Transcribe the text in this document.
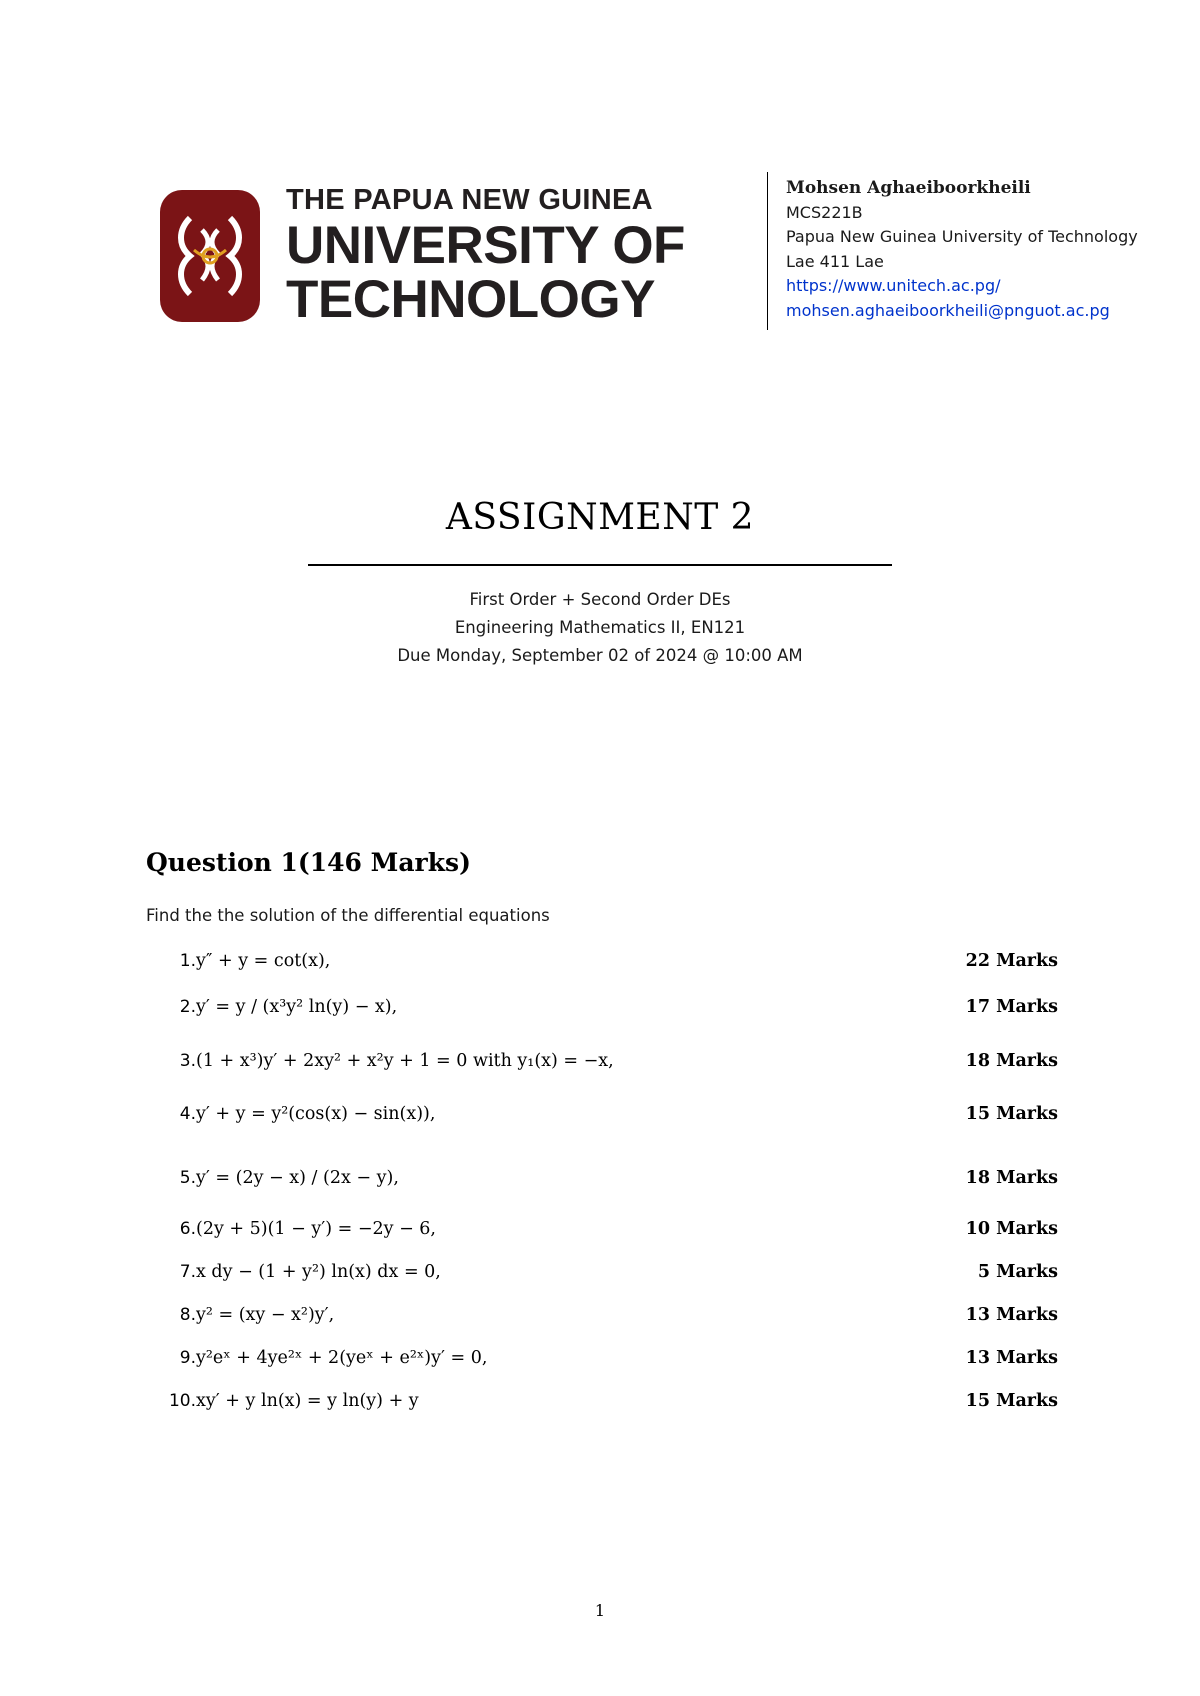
THE PAPUA NEW GUINEA
UNIVERSITY OF
TECHNOLOGY
Mohsen Aghaeiboorkheili
MCS221B
Papua New Guinea University of Technology
Lae 411 Lae
https://www.unitech.ac.pg/
mohsen.aghaeiboorkheili@pnguot.ac.pg
ASSIGNMENT 2
First Order + Second Order DEs
Engineering Mathematics II, EN121
Due Monday, September 02 of 2024 @ 10:00 AM
Question 1(146 Marks)
Find the the solution of the differential equations
1. y″ + y = cot(x),	22 Marks
2. y′ = y / (x³y² ln(y) − x),	17 Marks
3. (1 + x³)y′ + 2xy² + x²y + 1 = 0 with y₁(x) = −x,	18 Marks
4. y′ + y = y²(cos(x) − sin(x)),	15 Marks
5. y′ = (2y − x) / (2x − y),	18 Marks
6. (2y + 5)(1 − y′) = −2y − 6,	10 Marks
7. x dy − (1 + y²) ln(x) dx = 0,	5 Marks
8. y² = (xy − x²)y′,	13 Marks
9. y²eˣ + 4ye²ˣ + 2(yeˣ + e²ˣ)y′ = 0,	13 Marks
10. xy′ + y ln(x) = y ln(y) + y	15 Marks
1
